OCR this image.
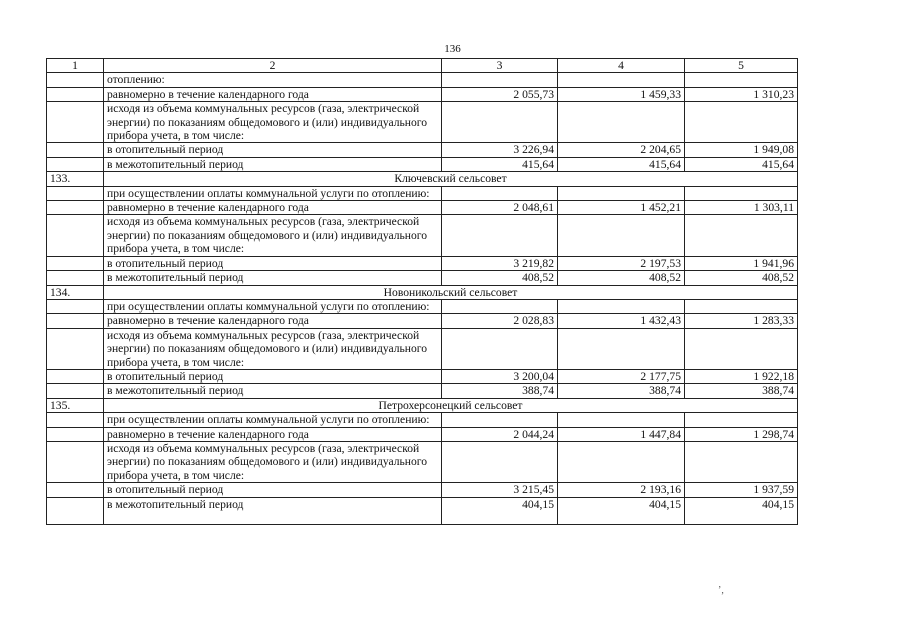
136
1	2	3	4	5
	отоплению:			
	равномерно в течение календарного года	2 055,73	1 459,33	1 310,23
	исходя из объема коммунальных ресурсов (газа, электрической энергии) по показаниям общедомового и (или) индивидуального прибора учета, в том числе:			
	в отопительный период	3 226,94	2 204,65	1 949,08
	в межотопительный период	415,64	415,64	415,64
133.	Ключевский сельсовет			
	при осуществлении оплаты коммунальной услуги по отоплению:			
	равномерно в течение календарного года	2 048,61	1 452,21	1 303,11
	исходя из объема коммунальных ресурсов (газа, электрической энергии) по показаниям общедомового и (или) индивидуального прибора учета, в том числе:			
	в отопительный период	3 219,82	2 197,53	1 941,96
	в межотопительный период	408,52	408,52	408,52
134.	Новоникольский сельсовет			
	при осуществлении оплаты коммунальной услуги по отоплению:			
	равномерно в течение календарного года	2 028,83	1 432,43	1 283,33
	исходя из объема коммунальных ресурсов (газа, электрической энергии) по показаниям общедомового и (или) индивидуального прибора учета, в том числе:			
	в отопительный период	3 200,04	2 177,75	1 922,18
	в межотопительный период	388,74	388,74	388,74
135.	Петрохерсонецкий сельсовет			
	при осуществлении оплаты коммунальной услуги по отоплению:			
	равномерно в течение календарного года	2 044,24	1 447,84	1 298,74
	исходя из объема коммунальных ресурсов (газа, электрической энергии) по показаниям общедомового и (или) индивидуального прибора учета, в том числе:			
	в отопительный период	3 215,45	2 193,16	1 937,59
	в межотопительный период	404,15	404,15	404,15
’,
